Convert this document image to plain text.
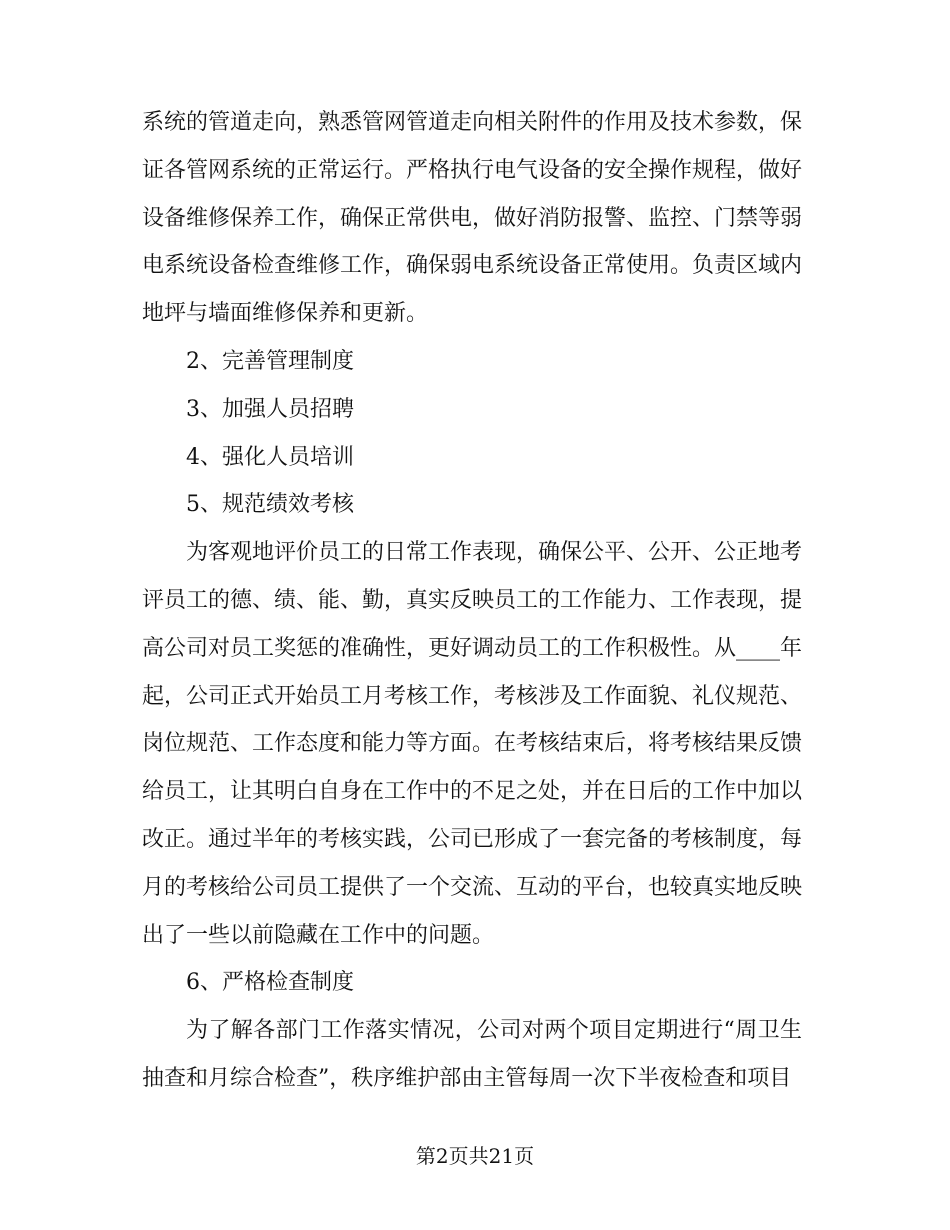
系统的管道走向，熟悉管网管道走向相关附件的作用及技术参数，保证各管网系统的正常运行。严格执行电气设备的安全操作规程，做好设备维修保养工作，确保正常供电，做好消防报警、监控、门禁等弱电系统设备检查维修工作，确保弱电系统设备正常使用。负责区域内地坪与墙面维修保养和更新。

2、完善管理制度

3、加强人员招聘

4、强化人员培训

5、规范绩效考核

为客观地评价员工的日常工作表现，确保公平、公开、公正地考评员工的德、绩、能、勤，真实反映员工的工作能力、工作表现，提高公司对员工奖惩的准确性，更好调动员工的工作积极性。从____年起，公司正式开始员工月考核工作，考核涉及工作面貌、礼仪规范、岗位规范、工作态度和能力等方面。在考核结束后，将考核结果反馈给员工，让其明白自身在工作中的不足之处，并在日后的工作中加以改正。通过半年的考核实践，公司已形成了一套完备的考核制度，每月的考核给公司员工提供了一个交流、互动的平台，也较真实地反映出了一些以前隐藏在工作中的问题。

6、严格检查制度

为了解各部门工作落实情况，公司对两个项目定期进行“周卫生抽查和月综合检查”，秩序维护部由主管每周一次下半夜检查和项目

第2页共21页
